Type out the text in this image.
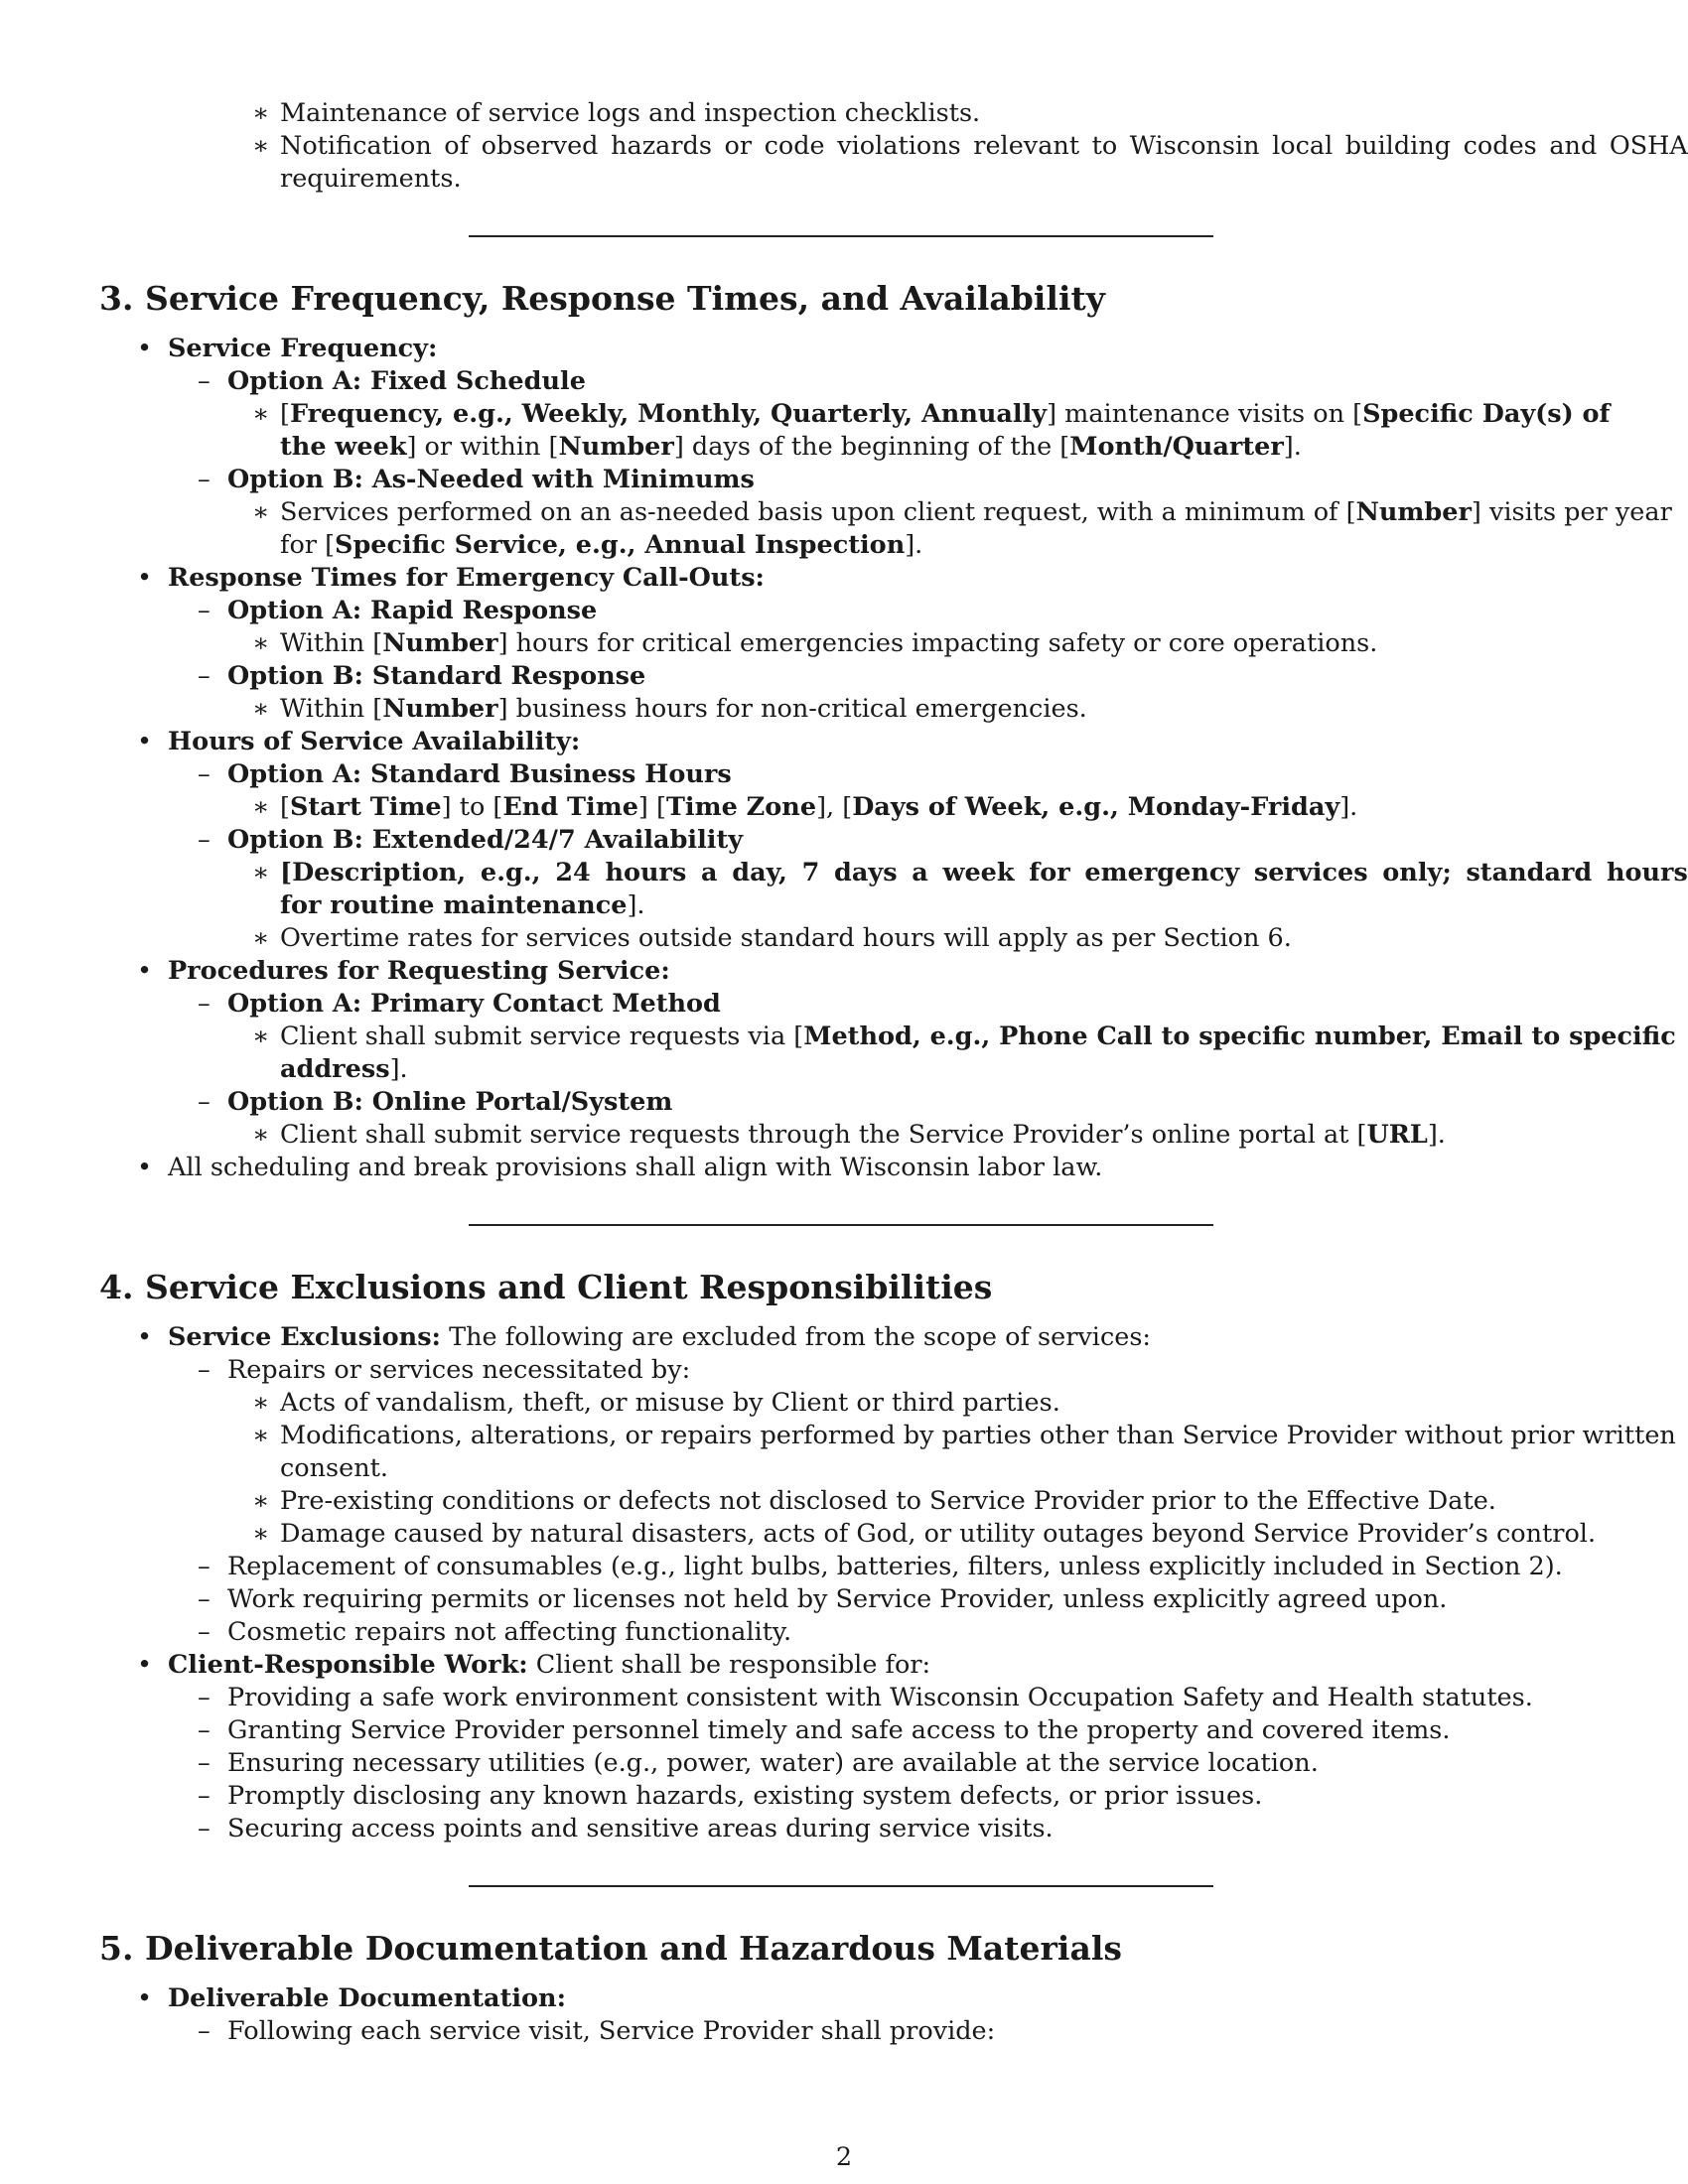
∗ Maintenance of service logs and inspection checklists.
∗ Notification of observed hazards or code violations relevant to Wisconsin local building codes and OSHA
requirements.
3. Service Frequency, Response Times, and Availability
• Service Frequency:
– Option A: Fixed Schedule
∗ [Frequency, e.g., Weekly, Monthly, Quarterly, Annually] maintenance visits on [Specific Day(s) of
the week] or within [Number] days of the beginning of the [Month/Quarter].
– Option B: As-Needed with Minimums
∗ Services performed on an as-needed basis upon client request, with a minimum of [Number] visits per year
for [Specific Service, e.g., Annual Inspection].
• Response Times for Emergency Call-Outs:
– Option A: Rapid Response
∗ Within [Number] hours for critical emergencies impacting safety or core operations.
– Option B: Standard Response
∗ Within [Number] business hours for non-critical emergencies.
• Hours of Service Availability:
– Option A: Standard Business Hours
∗ [Start Time] to [End Time] [Time Zone], [Days of Week, e.g., Monday-Friday].
– Option B: Extended/24/7 Availability
∗ [Description, e.g., 24 hours a day, 7 days a week for emergency services only; standard hours
for routine maintenance].
∗ Overtime rates for services outside standard hours will apply as per Section 6.
• Procedures for Requesting Service:
– Option A: Primary Contact Method
∗ Client shall submit service requests via [Method, e.g., Phone Call to specific number, Email to specific
address].
– Option B: Online Portal/System
∗ Client shall submit service requests through the Service Provider’s online portal at [URL].
• All scheduling and break provisions shall align with Wisconsin labor law.
4. Service Exclusions and Client Responsibilities
• Service Exclusions: The following are excluded from the scope of services:
– Repairs or services necessitated by:
∗ Acts of vandalism, theft, or misuse by Client or third parties.
∗ Modifications, alterations, or repairs performed by parties other than Service Provider without prior written
consent.
∗ Pre-existing conditions or defects not disclosed to Service Provider prior to the Effective Date.
∗ Damage caused by natural disasters, acts of God, or utility outages beyond Service Provider’s control.
– Replacement of consumables (e.g., light bulbs, batteries, filters, unless explicitly included in Section 2).
– Work requiring permits or licenses not held by Service Provider, unless explicitly agreed upon.
– Cosmetic repairs not affecting functionality.
• Client-Responsible Work: Client shall be responsible for:
– Providing a safe work environment consistent with Wisconsin Occupation Safety and Health statutes.
– Granting Service Provider personnel timely and safe access to the property and covered items.
– Ensuring necessary utilities (e.g., power, water) are available at the service location.
– Promptly disclosing any known hazards, existing system defects, or prior issues.
– Securing access points and sensitive areas during service visits.
5. Deliverable Documentation and Hazardous Materials
• Deliverable Documentation:
– Following each service visit, Service Provider shall provide:
2
